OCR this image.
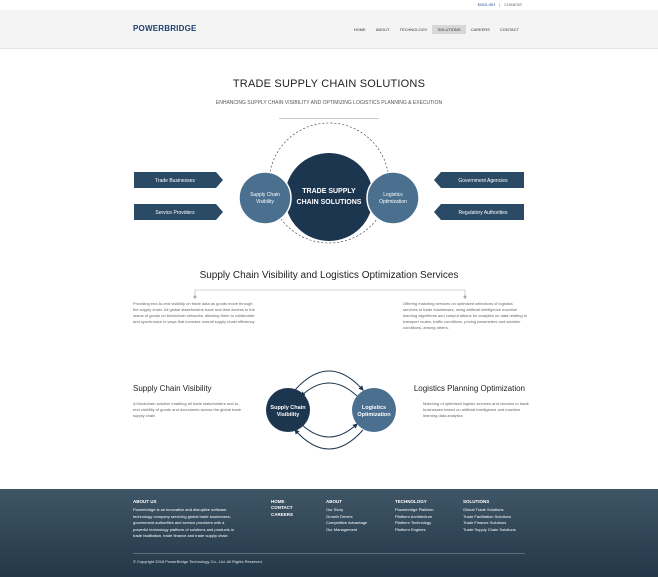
ENGLISH | CHINESE
POWERBRIDGE	HOME	ABOUT	TECHNOLOGY	SOLUTIONS	CAREERS	CONTACT
TRADE SUPPLY CHAIN SOLUTIONS
ENHANCING SUPPLY CHAIN VISIBILITY AND OPTIMIZING LOGISTICS PLANNING & EXECUTION
Trade Businesses
Service Providers
Government Agencies
Regulatory Authorities
TRADE SUPPLY
CHAIN SOLUTIONS
Supply Chain
Visibility
Logistics
Optimization
Supply Chain Visibility and Logistics Optimization Services
Providing end-to-end visibility on trade data as goods move through the supply chain. All global stakeholders have real time access to the status of goods on blockchain networks, allowing them to collaborate and synchronize in ways that increase overall supply chain efficiency.
Offering matching services on optimized selections of logistics services to trade businesses, using artificial intelligence machine learning algorithms and comput altions for analytics on data relating to transport routes, traffic conditions, pricing parameters and weather conditions, among others.
Supply Chain Visibility
A blockchain solution enabling all trade stakeholders end-to-end visibility of goods and documents across the global trade supply chain
Logistics Planning Optimization
Matching of optimized logistic services and vendors to trade businesses based on artificial intelligence and machine learning data analytics
Supply Chain
Visibility
Logistics
Optimization
ABOUT US
Powerbridge is an innovative and disruptive software
technology company servicing global trade businesses,
government authorities and service providers with a
powerful technology platform of solutions and products in
trade facilitation, trade finance and trade supply chain
HOME
CONTACT
CAREERS
ABOUT
Our Story
Growth Drivers
Competitive Advantage
Our Management
TECHNOLOGY
Powerbridge Platform
Platform Architecture
Platform Technology
Platform Engines
SOLUTIONS
Global Trade Solutions
Trade Facilitation Solutions
Trade Finance Solutions
Trade Supply Chain Solutions
© Copyright 2018 PowerBridge Technology Co., Ltd. All Rights Reserved.
